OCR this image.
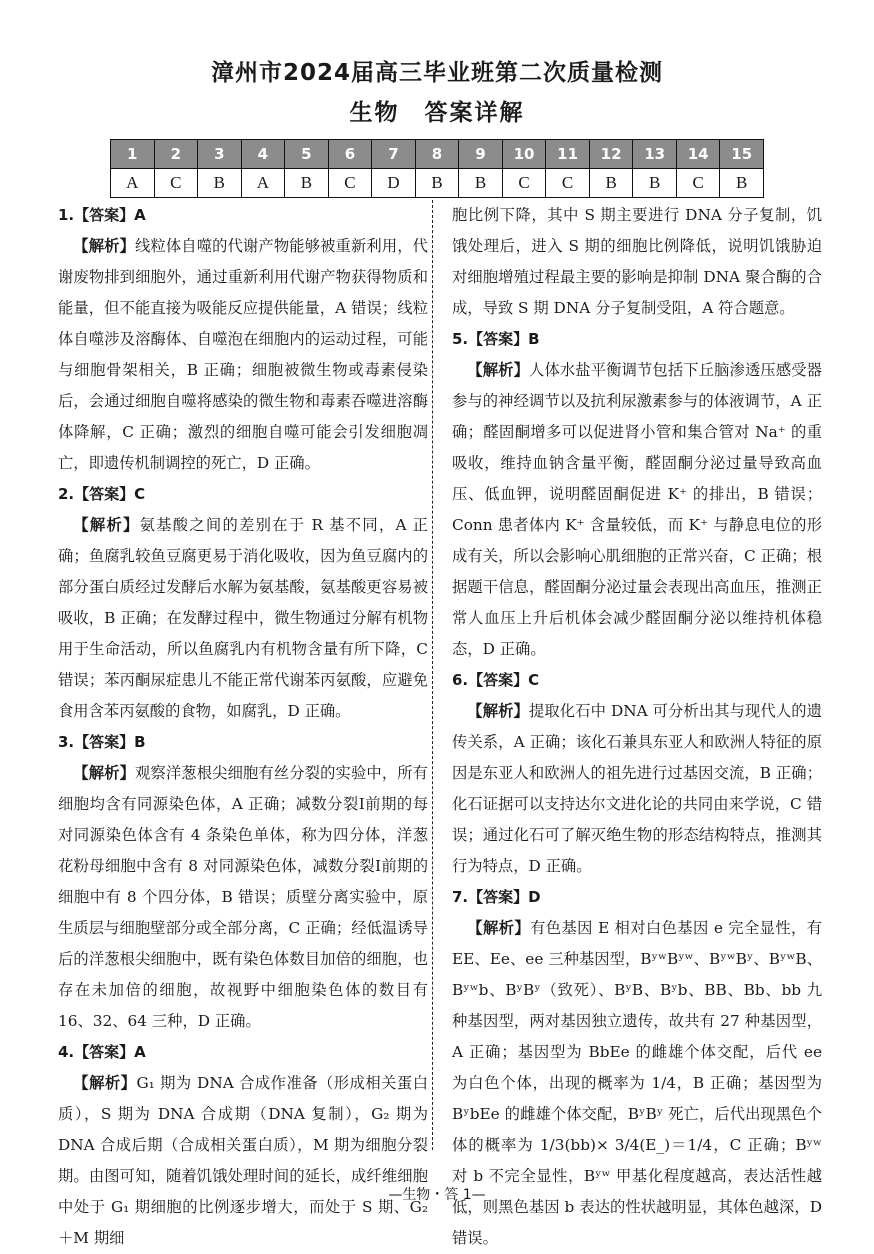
漳州市2024届高三毕业班第二次质量检测
生物　答案详解
1	2	3	4	5	6	7	8	9	10	11	12	13	14	15
A	C	B	A	B	C	D	B	B	C	C	B	B	C	B

1.【答案】A

【解析】线粒体自噬的代谢产物能够被重新利用，代谢废物排到细胞外，通过重新利用代谢产物获得物质和能量，但不能直接为吸能反应提供能量，A 错误；线粒体自噬涉及溶酶体、自噬泡在细胞内的运动过程，可能与细胞骨架相关，B 正确；细胞被微生物或毒素侵染后，会通过细胞自噬将感染的微生物和毒素吞噬进溶酶体降解，C 正确；激烈的细胞自噬可能会引发细胞凋亡，即遗传机制调控的死亡，D 正确。

2.【答案】C

【解析】氨基酸之间的差别在于 R 基不同，A 正确；鱼腐乳较鱼豆腐更易于消化吸收，因为鱼豆腐内的部分蛋白质经过发酵后水解为氨基酸，氨基酸更容易被吸收，B 正确；在发酵过程中，微生物通过分解有机物用于生命活动，所以鱼腐乳内有机物含量有所下降，C 错误；苯丙酮尿症患儿不能正常代谢苯丙氨酸，应避免食用含苯丙氨酸的食物，如腐乳，D 正确。

3.【答案】B

【解析】观察洋葱根尖细胞有丝分裂的实验中，所有细胞均含有同源染色体，A 正确；减数分裂Ⅰ前期的每对同源染色体含有 4 条染色单体，称为四分体，洋葱花粉母细胞中含有 8 对同源染色体，减数分裂Ⅰ前期的细胞中有 8 个四分体，B 错误；质壁分离实验中，原生质层与细胞壁部分或全部分离，C 正确；经低温诱导后的洋葱根尖细胞中，既有染色体数目加倍的细胞，也存在未加倍的细胞，故视野中细胞染色体的数目有 16、32、64 三种，D 正确。

4.【答案】A

【解析】G₁ 期为 DNA 合成作准备（形成相关蛋白质），S 期为 DNA 合成期（DNA 复制），G₂ 期为 DNA 合成后期（合成相关蛋白质），M 期为细胞分裂期。由图可知，随着饥饿处理时间的延长，成纤维细胞中处于 G₁ 期细胞的比例逐步增大，而处于 S 期、G₂＋M 期细

胞比例下降，其中 S 期主要进行 DNA 分子复制，饥饿处理后，进入 S 期的细胞比例降低，说明饥饿胁迫对细胞增殖过程最主要的影响是抑制 DNA 聚合酶的合成，导致 S 期 DNA 分子复制受阻，A 符合题意。

5.【答案】B

【解析】人体水盐平衡调节包括下丘脑渗透压感受器参与的神经调节以及抗利尿激素参与的体液调节，A 正确；醛固酮增多可以促进肾小管和集合管对 Na⁺ 的重吸收，维持血钠含量平衡，醛固酮分泌过量导致高血压、低血钾，说明醛固酮促进 K⁺ 的排出，B 错误；Conn 患者体内 K⁺ 含量较低，而 K⁺ 与静息电位的形成有关，所以会影响心肌细胞的正常兴奋，C 正确；根据题干信息，醛固酮分泌过量会表现出高血压，推测正常人血压上升后机体会减少醛固酮分泌以维持机体稳态，D 正确。

6.【答案】C

【解析】提取化石中 DNA 可分析出其与现代人的遗传关系，A 正确；该化石兼具东亚人和欧洲人特征的原因是东亚人和欧洲人的祖先进行过基因交流，B 正确；化石证据可以支持达尔文进化论的共同由来学说，C 错误；通过化石可了解灭绝生物的形态结构特点，推测其行为特点，D 正确。

7.【答案】D

【解析】有色基因 E 相对白色基因 e 完全显性，有 EE、Ee、ee 三种基因型，BʸʷBʸʷ、BʸʷBʸ、BʸʷB、Bʸʷb、BʸBʸ（致死）、BʸB、Bʸb、BB、Bb、bb 九种基因型，两对基因独立遗传，故共有 27 种基因型，A 正确；基因型为 BbEe 的雌雄个体交配，后代 ee 为白色个体，出现的概率为 1/4，B 正确；基因型为 BʸbEe 的雌雄个体交配，BʸBʸ 死亡，后代出现黑色个体的概率为 1/3(bb)× 3/4(E_)＝1/4，C 正确；Bʸʷ 对 b 不完全显性，Bʸʷ 甲基化程度越高，表达活性越低，则黑色基因 b 表达的性状越明显，其体色越深，D 错误。

—生物・答 1—
